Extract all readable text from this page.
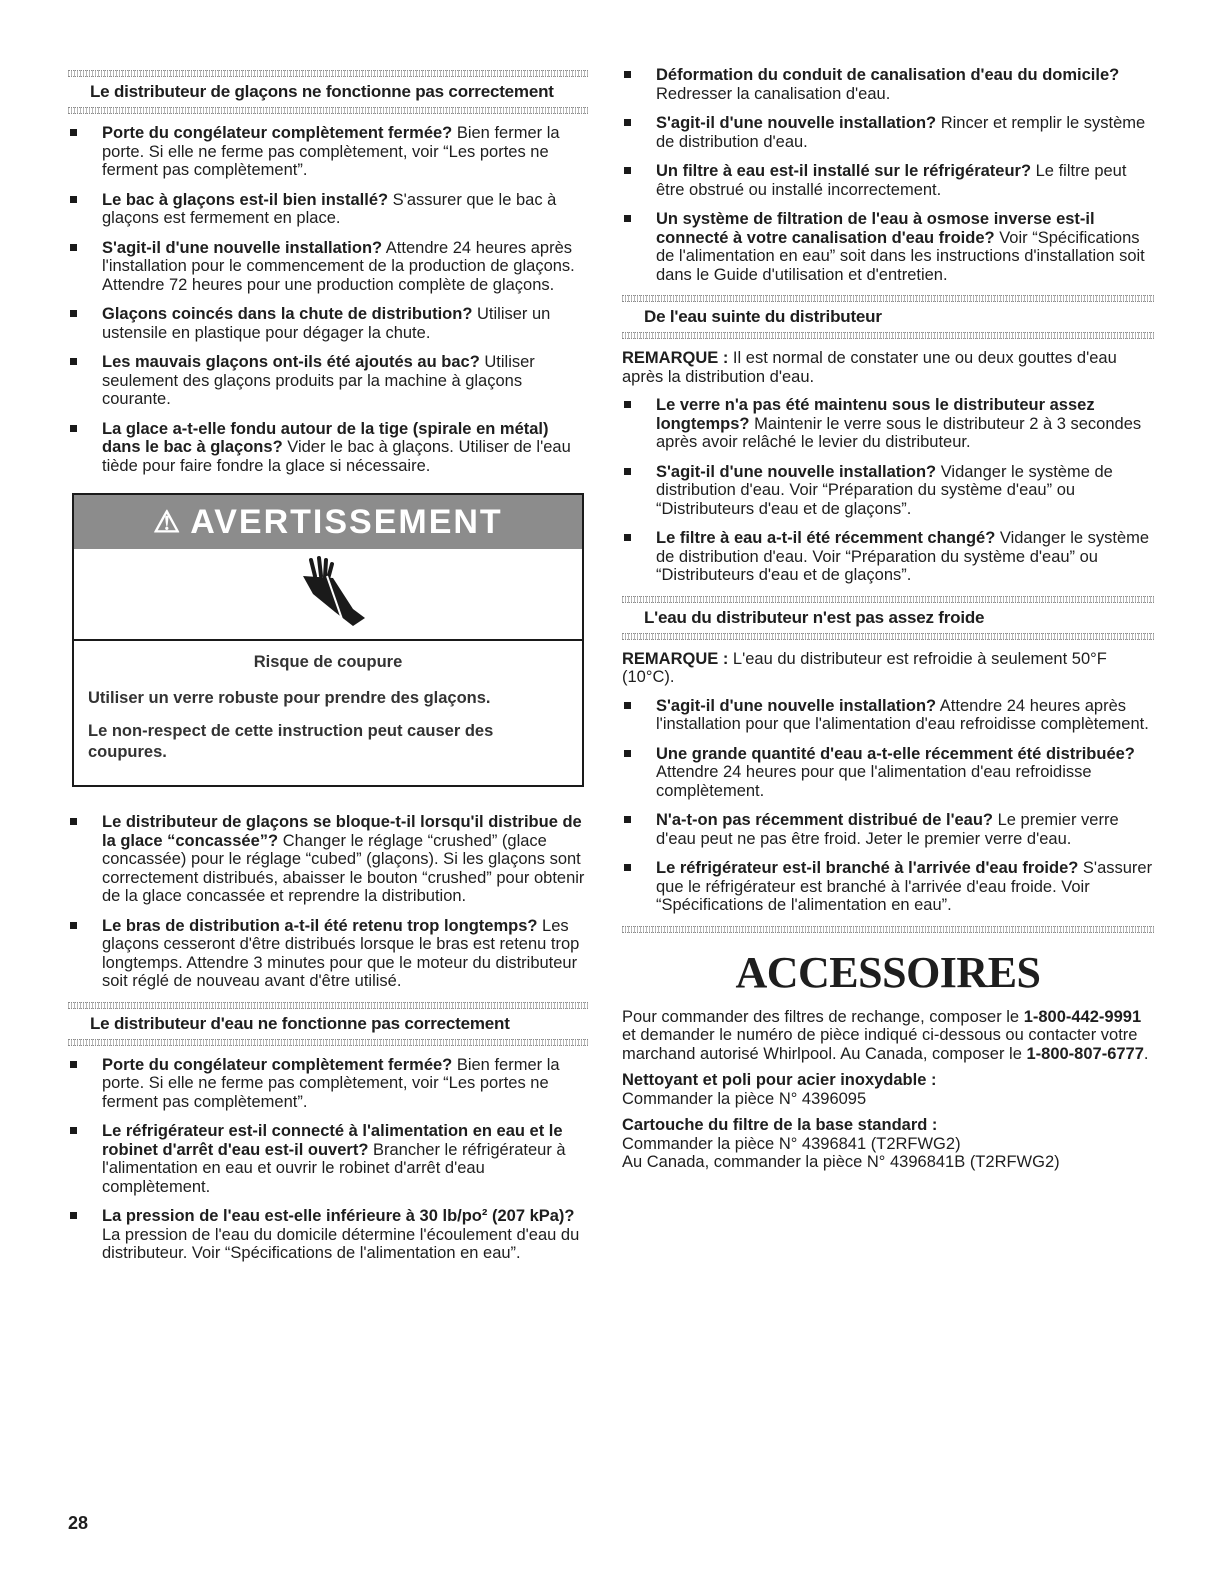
Le distributeur de glaçons ne fonctionne pas correctement
Porte du congélateur complètement fermée? Bien fermer la porte. Si elle ne ferme pas complètement, voir “Les portes ne ferment pas complètement”.
Le bac à glaçons est-il bien installé? S'assurer que le bac à glaçons est fermement en place.
S'agit-il d'une nouvelle installation? Attendre 24 heures après l'installation pour le commencement de la production de glaçons. Attendre 72 heures pour une production complète de glaçons.
Glaçons coincés dans la chute de distribution? Utiliser un ustensile en plastique pour dégager la chute.
Les mauvais glaçons ont-ils été ajoutés au bac? Utiliser seulement des glaçons produits par la machine à glaçons courante.
La glace a-t-elle fondu autour de la tige (spirale en métal) dans le bac à glaçons? Vider le bac à glaçons. Utiliser de l'eau tiède pour faire fondre la glace si nécessaire.
⚠ AVERTISSEMENT
Risque de coupure

Utiliser un verre robuste pour prendre des glaçons.

Le non-respect de cette instruction peut causer des coupures.

Le distributeur de glaçons se bloque-t-il lorsqu'il distribue de la glace “concassée”? Changer le réglage “crushed” (glace concassée) pour le réglage “cubed” (glaçons). Si les glaçons sont correctement distribués, abaisser le bouton “crushed” pour obtenir de la glace concassée et reprendre la distribution.
Le bras de distribution a-t-il été retenu trop longtemps? Les glaçons cesseront d'être distribués lorsque le bras est retenu trop longtemps. Attendre 3 minutes pour que le moteur du distributeur soit réglé de nouveau avant d'être utilisé.
Le distributeur d'eau ne fonctionne pas correctement
Porte du congélateur complètement fermée? Bien fermer la porte. Si elle ne ferme pas complètement, voir “Les portes ne ferment pas complètement”.
Le réfrigérateur est-il connecté à l'alimentation en eau et le robinet d'arrêt d'eau est-il ouvert? Brancher le réfrigérateur à l'alimentation en eau et ouvrir le robinet d'arrêt d'eau complètement.
La pression de l'eau est-elle inférieure à 30 lb/po² (207 kPa)? La pression de l'eau du domicile détermine l'écoulement d'eau du distributeur. Voir “Spécifications de l'alimentation en eau”.
Déformation du conduit de canalisation d'eau du domicile? Redresser la canalisation d'eau.
S'agit-il d'une nouvelle installation? Rincer et remplir le système de distribution d'eau.
Un filtre à eau est-il installé sur le réfrigérateur? Le filtre peut être obstrué ou installé incorrectement.
Un système de filtration de l'eau à osmose inverse est-il connecté à votre canalisation d'eau froide? Voir “Spécifications de l'alimentation en eau” soit dans les instructions d'installation soit dans le Guide d'utilisation et d'entretien.
De l'eau suinte du distributeur

REMARQUE : Il est normal de constater une ou deux gouttes d'eau après la distribution d'eau.

Le verre n'a pas été maintenu sous le distributeur assez longtemps? Maintenir le verre sous le distributeur 2 à 3 secondes après avoir relâché le levier du distributeur.
S'agit-il d'une nouvelle installation? Vidanger le système de distribution d'eau. Voir “Préparation du système d'eau” ou “Distributeurs d'eau et de glaçons”.
Le filtre à eau a-t-il été récemment changé? Vidanger le système de distribution d'eau. Voir “Préparation du système d'eau” ou “Distributeurs d'eau et de glaçons”.
L'eau du distributeur n'est pas assez froide

REMARQUE : L'eau du distributeur est refroidie à seulement 50°F (10°C).

S'agit-il d'une nouvelle installation? Attendre 24 heures après l'installation pour que l'alimentation d'eau refroidisse complètement.
Une grande quantité d'eau a-t-elle récemment été distribuée? Attendre 24 heures pour que l'alimentation d'eau refroidisse complètement.
N'a-t-on pas récemment distribué de l'eau? Le premier verre d'eau peut ne pas être froid. Jeter le premier verre d'eau.
Le réfrigérateur est-il branché à l'arrivée d'eau froide? S'assurer que le réfrigérateur est branché à l'arrivée d'eau froide. Voir “Spécifications de l'alimentation en eau”.
ACCESSOIRES

Pour commander des filtres de rechange, composer le 1-800-442-9991 et demander le numéro de pièce indiqué ci-dessous ou contacter votre marchand autorisé Whirlpool. Au Canada, composer le 1-800-807-6777.

Nettoyant et poli pour acier inoxydable :
Commander la pièce N° 4396095
Cartouche du filtre de la base standard :
Commander la pièce N° 4396841 (T2RFWG2)
Au Canada, commander la pièce N° 4396841B (T2RFWG2)
28
